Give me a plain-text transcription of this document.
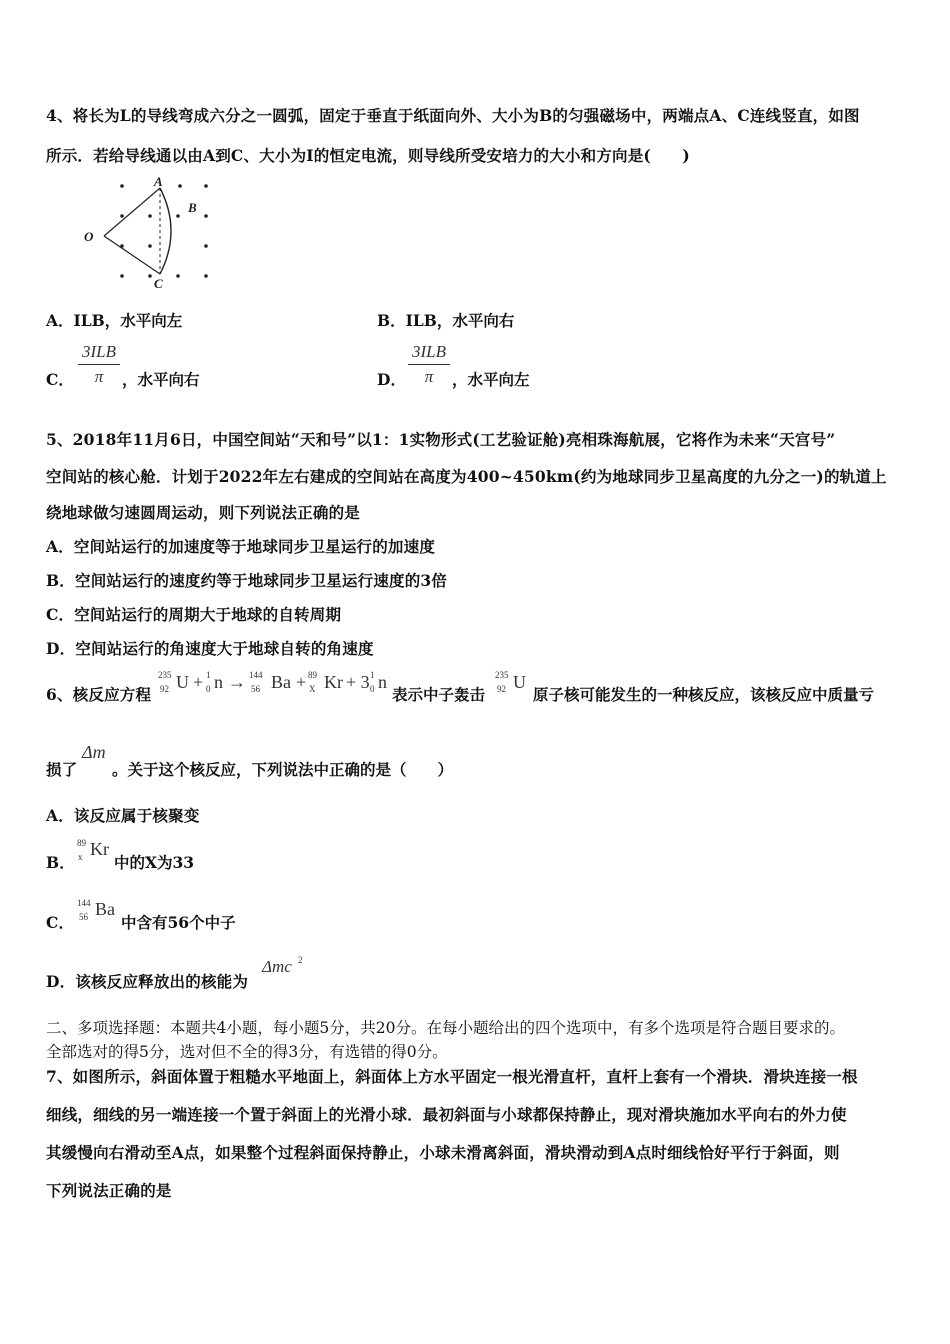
4、将长为L的导线弯成六分之一圆弧，固定于垂直于纸面向外、大小为B的匀强磁场中，两端点A、C连线竖直，如图
所示．若给导线通以由A到C、大小为I的恒定电流，则导线所受安培力的大小和方向是(　　)
A
B
O
C
A．ILB，水平向左	B．ILB，水平向右
C．
3ILB
π	，水平向右	D．
3ILB
π	，水平向左
5、2018年11月6日，中国空间站“天和号”以1：1实物形式(工艺验证舱)亮相珠海航展，它将作为未来“天宫号”
空间站的核心舱．计划于2022年左右建成的空间站在高度为400~450km(约为地球同步卫星高度的九分之一)的轨道上
绕地球做匀速圆周运动，则下列说法正确的是
A．空间站运行的加速度等于地球同步卫星运行的加速度
B．空间站运行的速度约等于地球同步卫星运行速度的3倍
C．空间站运行的周期大于地球的自转周期
D．空间站运行的角速度大于地球自转的角速度
6、核反应方程
235
92 U + 1
0 n → 144
56 Ba + 89
X Kr + 3 1
0 n
表示中子轰击
235
92 U
原子核可能发生的一种核反应，该核反应中质量亏
损了
Δm
。关于这个核反应，下列说法中正确的是（　　）
A．该反应属于核聚变
B．
89
x Kr
中的X为33
C．
144
56 Ba
中含有56个中子
D．该核反应释放出的核能为
Δmc 2
二、多项选择题：本题共4小题，每小题5分，共20分。在每小题给出的四个选项中，有多个选项是符合题目要求的。
全部选对的得5分，选对但不全的得3分，有选错的得0分。
7、如图所示，斜面体置于粗糙水平地面上，斜面体上方水平固定一根光滑直杆，直杆上套有一个滑块．滑块连接一根
细线，细线的另一端连接一个置于斜面上的光滑小球．最初斜面与小球都保持静止，现对滑块施加水平向右的外力使
其缓慢向右滑动至A点，如果整个过程斜面保持静止，小球未滑离斜面，滑块滑动到A点时细线恰好平行于斜面，则
下列说法正确的是
